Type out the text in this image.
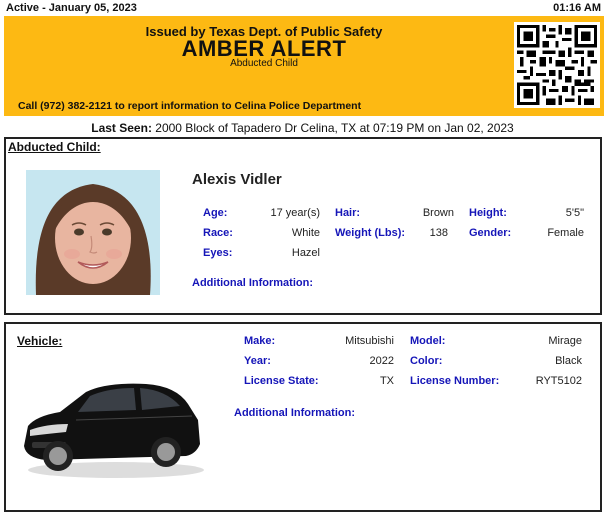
Active - January 05, 2023	01:16 AM
Issued by Texas Dept. of Public Safety
AMBER ALERT
Abducted Child
Call (972) 382-2121 to report information to Celina Police Department
Last Seen: 2000 Block of Tapadero Dr Celina, TX at 07:19 PM on Jan 02, 2023
Abducted Child:
Alexis Vidler
Age:	17 year(s) Hair:	Brown Height:	5'5"
Race:	White Weight (Lbs):	138 Gender:	Female
Eyes:	Hazel
Additional Information:
Vehicle:	Make:	Mitsubishi Model:	Mirage
Year:	2022 Color:	Black
License State:	TX License Number:	RYT5102
Additional Information:
